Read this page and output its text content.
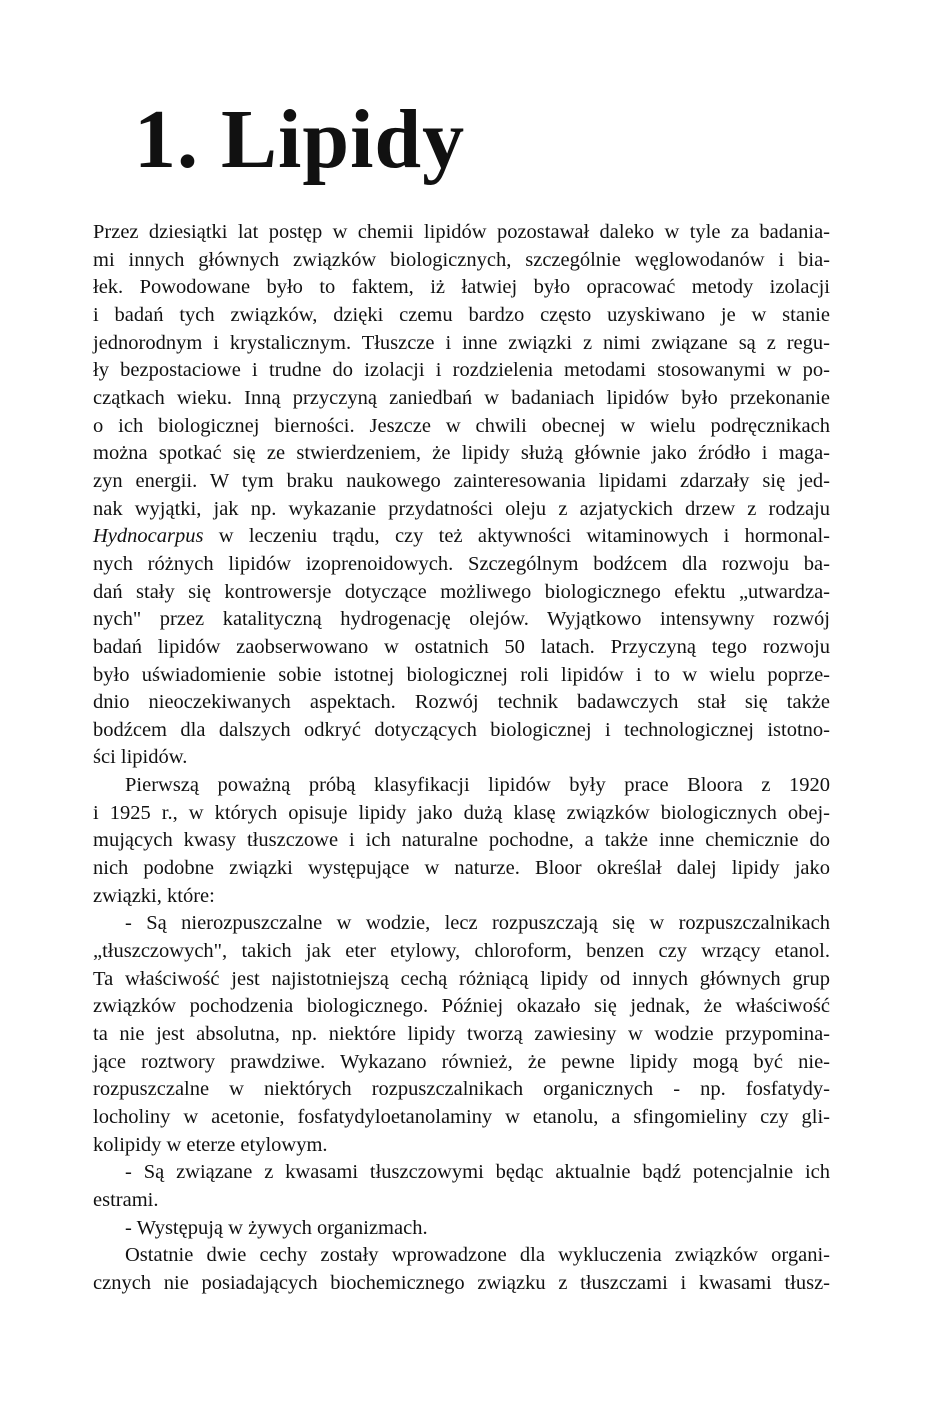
1. Lipidy
Przez dziesiątki lat postęp w chemii lipidów pozostawał daleko w tyle za badania-
mi innych głównych związków biologicznych, szczególnie węglowodanów i bia-
łek. Powodowane było to faktem, iż łatwiej było opracować metody izolacji
i badań tych związków, dzięki czemu bardzo często uzyskiwano je w stanie
jednorodnym i krystalicznym. Tłuszcze i inne związki z nimi związane są z regu-
ły bezpostaciowe i trudne do izolacji i rozdzielenia metodami stosowanymi w po-
czątkach wieku. Inną przyczyną zaniedbań w badaniach lipidów było przekonanie
o ich biologicznej bierności. Jeszcze w chwili obecnej w wielu podręcznikach
można spotkać się ze stwierdzeniem, że lipidy służą głównie jako źródło i maga-
zyn energii. W tym braku naukowego zainteresowania lipidami zdarzały się jed-
nak wyjątki, jak np. wykazanie przydatności oleju z azjatyckich drzew z rodzaju
Hydnocarpus w leczeniu trądu, czy też aktywności witaminowych i hormonal-
nych różnych lipidów izoprenoidowych. Szczególnym bodźcem dla rozwoju ba-
dań stały się kontrowersje dotyczące możliwego biologicznego efektu „utwardza-
nych" przez katalityczną hydrogenację olejów. Wyjątkowo intensywny rozwój
badań lipidów zaobserwowano w ostatnich 50 latach. Przyczyną tego rozwoju
było uświadomienie sobie istotnej biologicznej roli lipidów i to w wielu poprze-
dnio nieoczekiwanych aspektach. Rozwój technik badawczych stał się także
bodźcem dla dalszych odkryć dotyczących biologicznej i technologicznej istotno-
ści lipidów.
Pierwszą poważną próbą klasyfikacji lipidów były prace Bloora z 1920
i 1925 r., w których opisuje lipidy jako dużą klasę związków biologicznych obej-
mujących kwasy tłuszczowe i ich naturalne pochodne, a także inne chemicznie do
nich podobne związki występujące w naturze. Bloor określał dalej lipidy jako
związki, które:
- Są nierozpuszczalne w wodzie, lecz rozpuszczają się w rozpuszczalnikach
„tłuszczowych", takich jak eter etylowy, chloroform, benzen czy wrzący etanol.
Ta właściwość jest najistotniejszą cechą różniącą lipidy od innych głównych grup
związków pochodzenia biologicznego. Później okazało się jednak, że właściwość
ta nie jest absolutna, np. niektóre lipidy tworzą zawiesiny w wodzie przypomina-
jące roztwory prawdziwe. Wykazano również, że pewne lipidy mogą być nie-
rozpuszczalne w niektórych rozpuszczalnikach organicznych - np. fosfatydy-
locholiny w acetonie, fosfatydyloetanolaminy w etanolu, a sfingomieliny czy gli-
kolipidy w eterze etylowym.
- Są związane z kwasami tłuszczowymi będąc aktualnie bądź potencjalnie ich
estrami.
- Występują w żywych organizmach.
Ostatnie dwie cechy zostały wprowadzone dla wykluczenia związków organi-
cznych nie posiadających biochemicznego związku z tłuszczami i kwasami tłusz-
